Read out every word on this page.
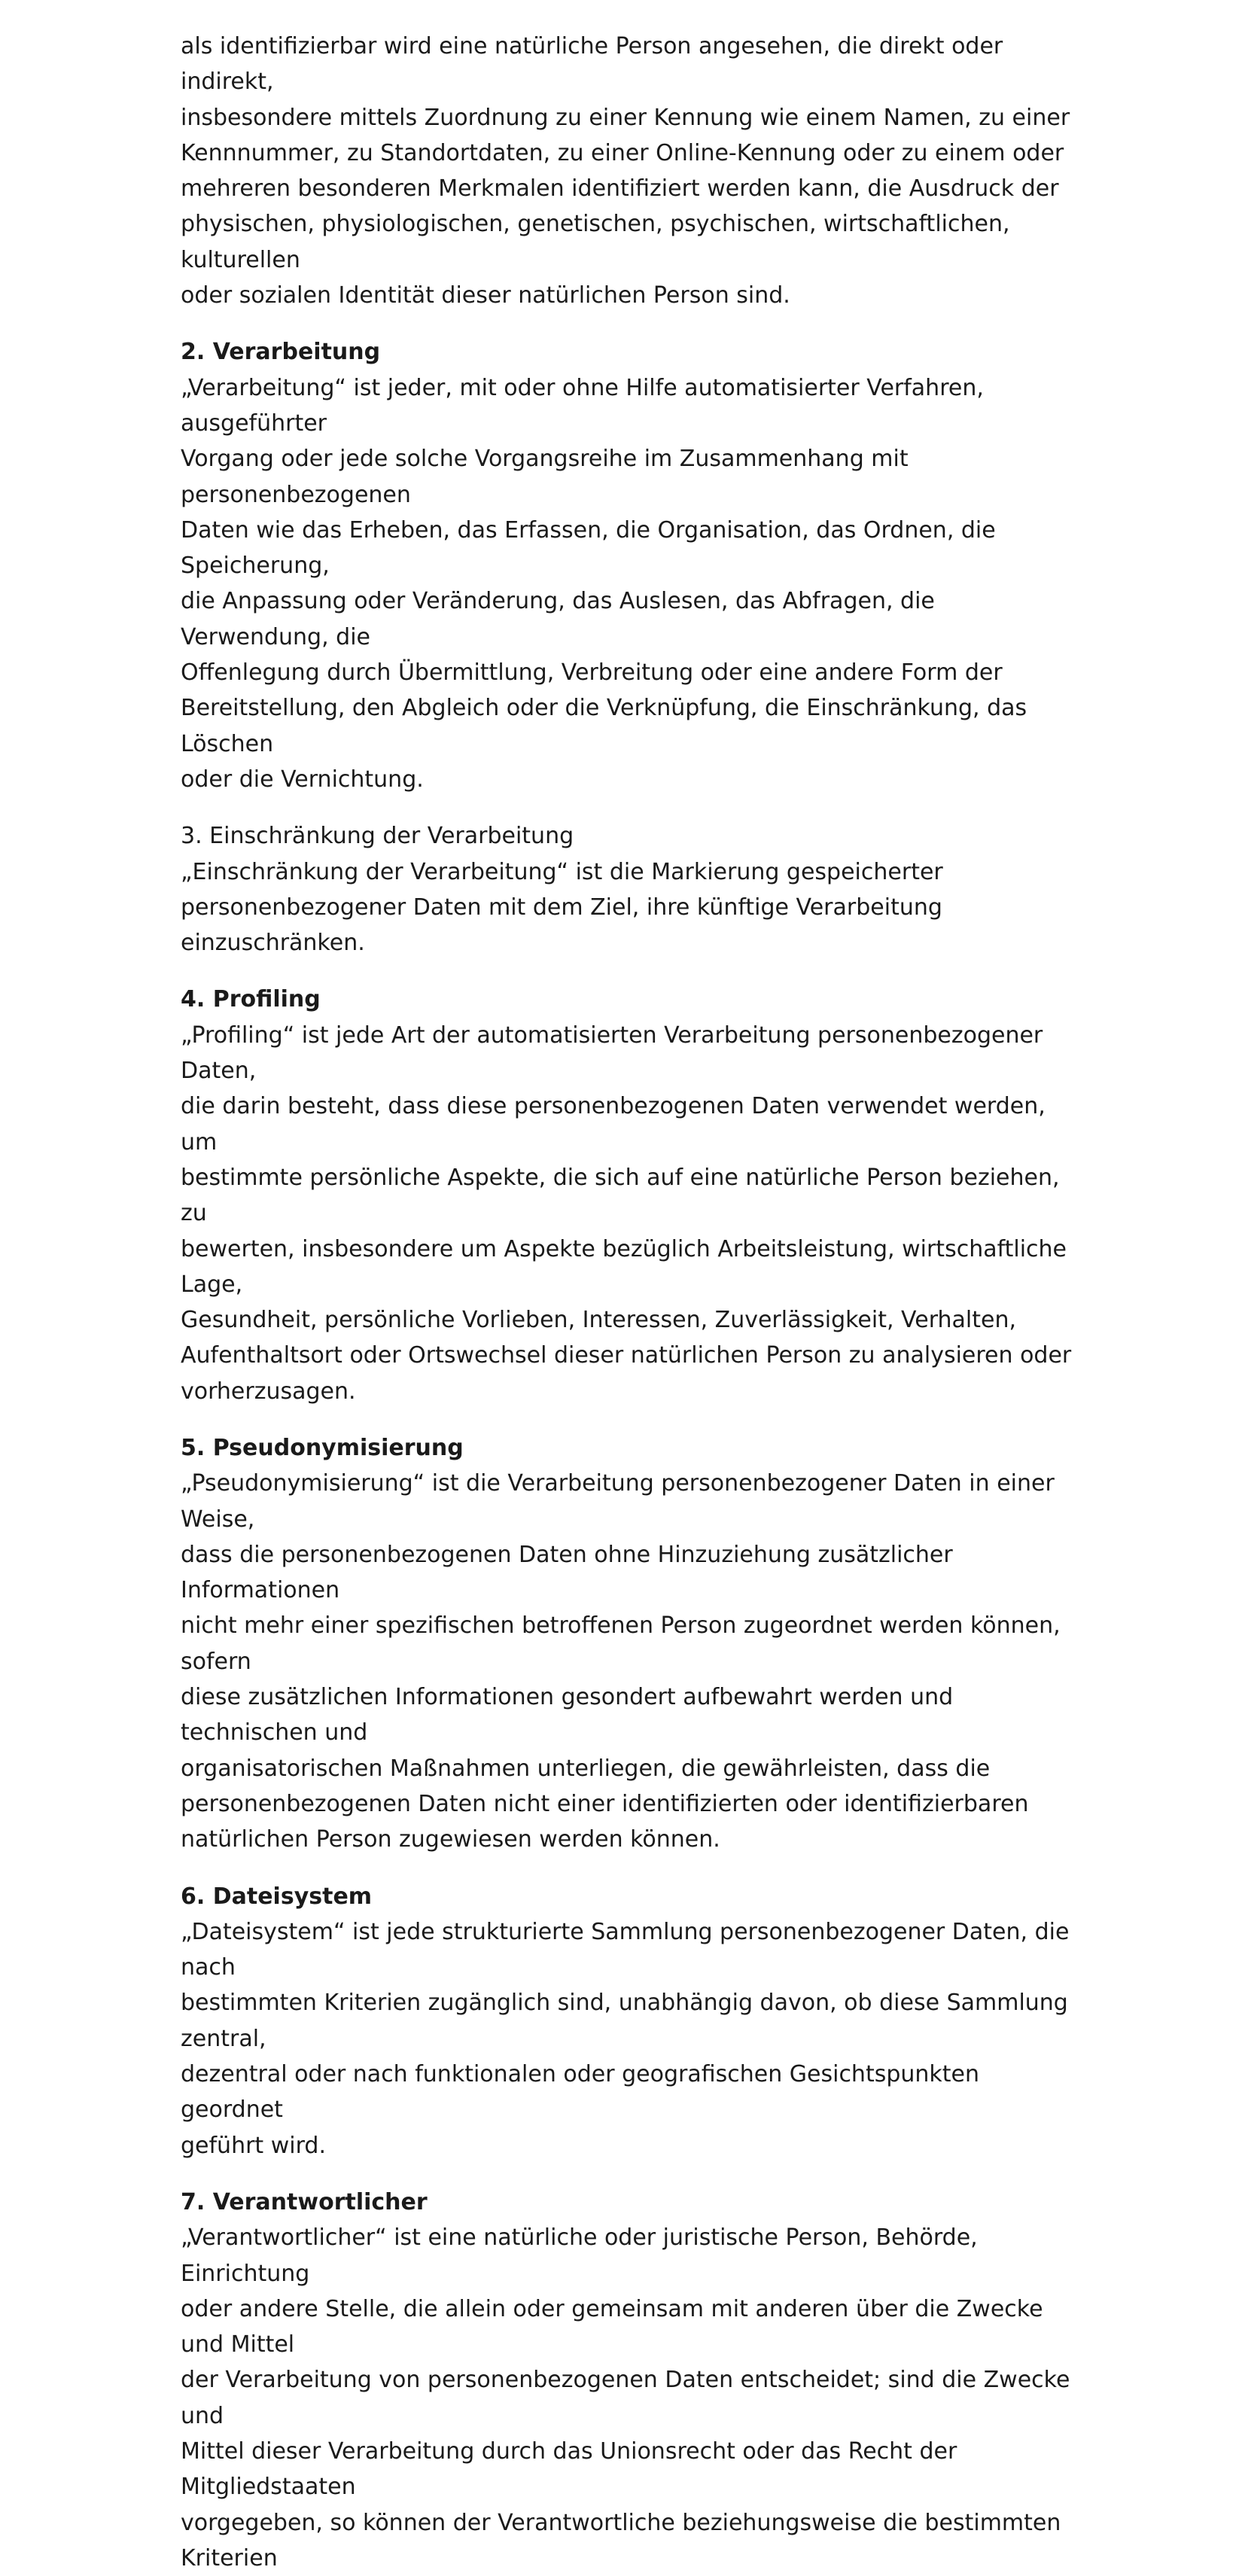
als identifizierbar wird eine natürliche Person angesehen, die direkt oder indirekt,
insbesondere mittels Zuordnung zu einer Kennung wie einem Namen, zu einer
Kennnummer, zu Standortdaten, zu einer Online-Kennung oder zu einem oder
mehreren besonderen Merkmalen identifiziert werden kann, die Ausdruck der
physischen, physiologischen, genetischen, psychischen, wirtschaftlichen, kulturellen
oder sozialen Identität dieser natürlichen Person sind.

2. Verarbeitung

„Verarbeitung“ ist jeder, mit oder ohne Hilfe automatisierter Verfahren, ausgeführter
Vorgang oder jede solche Vorgangsreihe im Zusammenhang mit personenbezogenen
Daten wie das Erheben, das Erfassen, die Organisation, das Ordnen, die Speicherung,
die Anpassung oder Veränderung, das Auslesen, das Abfragen, die Verwendung, die
Offenlegung durch Übermittlung, Verbreitung oder eine andere Form der
Bereitstellung, den Abgleich oder die Verknüpfung, die Einschränkung, das Löschen
oder die Vernichtung.

3. Einschränkung der Verarbeitung

„Einschränkung der Verarbeitung“ ist die Markierung gespeicherter
personenbezogener Daten mit dem Ziel, ihre künftige Verarbeitung einzuschränken.

4. Profiling

„Profiling“ ist jede Art der automatisierten Verarbeitung personenbezogener Daten,
die darin besteht, dass diese personenbezogenen Daten verwendet werden, um
bestimmte persönliche Aspekte, die sich auf eine natürliche Person beziehen, zu
bewerten, insbesondere um Aspekte bezüglich Arbeitsleistung, wirtschaftliche Lage,
Gesundheit, persönliche Vorlieben, Interessen, Zuverlässigkeit, Verhalten,
Aufenthaltsort oder Ortswechsel dieser natürlichen Person zu analysieren oder
vorherzusagen.

5. Pseudonymisierung

„Pseudonymisierung“ ist die Verarbeitung personenbezogener Daten in einer Weise,
dass die personenbezogenen Daten ohne Hinzuziehung zusätzlicher Informationen
nicht mehr einer spezifischen betroffenen Person zugeordnet werden können, sofern
diese zusätzlichen Informationen gesondert aufbewahrt werden und technischen und
organisatorischen Maßnahmen unterliegen, die gewährleisten, dass die
personenbezogenen Daten nicht einer identifizierten oder identifizierbaren
natürlichen Person zugewiesen werden können.

6. Dateisystem

„Dateisystem“ ist jede strukturierte Sammlung personenbezogener Daten, die nach
bestimmten Kriterien zugänglich sind, unabhängig davon, ob diese Sammlung zentral,
dezentral oder nach funktionalen oder geografischen Gesichtspunkten geordnet
geführt wird.

7. Verantwortlicher

„Verantwortlicher“ ist eine natürliche oder juristische Person, Behörde, Einrichtung
oder andere Stelle, die allein oder gemeinsam mit anderen über die Zwecke und Mittel
der Verarbeitung von personenbezogenen Daten entscheidet; sind die Zwecke und
Mittel dieser Verarbeitung durch das Unionsrecht oder das Recht der Mitgliedstaaten
vorgegeben, so können der Verantwortliche beziehungsweise die bestimmten Kriterien
